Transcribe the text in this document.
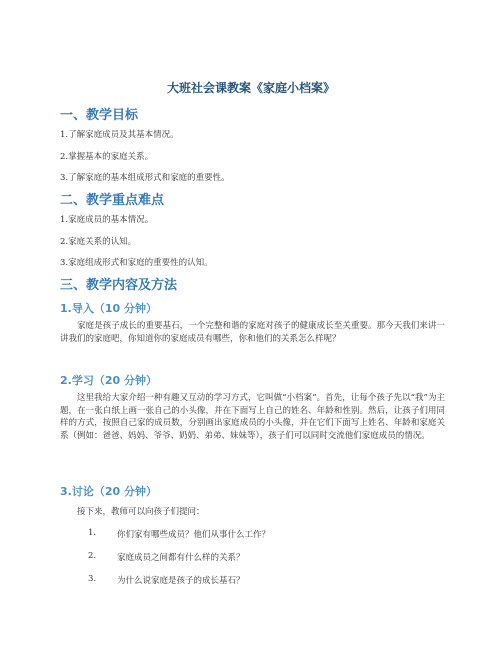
大班社会课教案《家庭小档案》
一、教学目标

1.了解家庭成员及其基本情况。

2.掌握基本的家庭关系。

3.了解家庭的基本组成形式和家庭的重要性。

二、教学重点难点

1.家庭成员的基本情况。

2.家庭关系的认知。

3.家庭组成形式和家庭的重要性的认知。

三、教学内容及方法
1.导入（10 分钟）

家庭是孩子成长的重要基石，一个完整和谐的家庭对孩子的健康成长至关重要。那今天我们来讲一讲我们的家庭吧，你知道你的家庭成员有哪些，你和他们的关系怎么样呢？

2.学习（20 分钟）

这里我给大家介绍一种有趣又互动的学习方式，它叫做“小档案”。首先，让每个孩子先以“我”为主题，在一张白纸上画一张自己的小头像，并在下面写上自己的姓名、年龄和性别。然后，让孩子们用同样的方式，按照自己家的成员数，分别画出家庭成员的小头像，并在它们下面写上姓名、年龄和家庭关系（例如：爸爸、妈妈、爷爷、奶奶、弟弟、妹妹等），孩子们可以同时交流他们家庭成员的情况。

3.讨论（20 分钟）

接下来，教师可以向孩子们提问：

1. 你们家有哪些成员？他们从事什么工作？

2. 家庭成员之间都有什么样的关系？

3. 为什么说家庭是孩子的成长基石？
